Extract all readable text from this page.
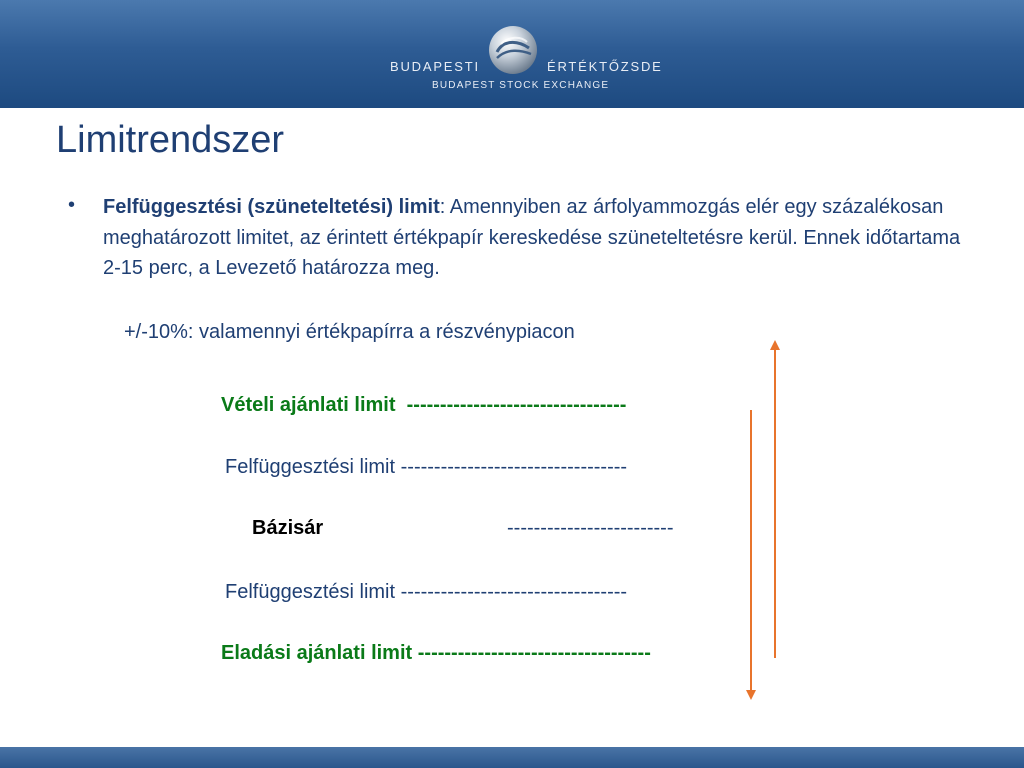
BUDAPESTI	ÉRTÉKTŐZSDE
BUDAPEST STOCK EXCHANGE
Limitrendszer
• Felfüggesztési (szüneteltetési) limit: Amennyiben az árfolyammozgás elér egy százalékosan meghatározott limitet, az érintett értékpapír kereskedése szüneteltetésre kerül. Ennek időtartama 2-15 perc, a Levezető határozza meg.
+/-10%: valamennyi értékpapírra a részvénypiacon
Vételi ajánlati limit  ---------------------------------
Felfüggesztési limit ----------------------------------
Bázisár	-------------------------
Felfüggesztési limit ----------------------------------
Eladási ajánlati limit -----------------------------------
